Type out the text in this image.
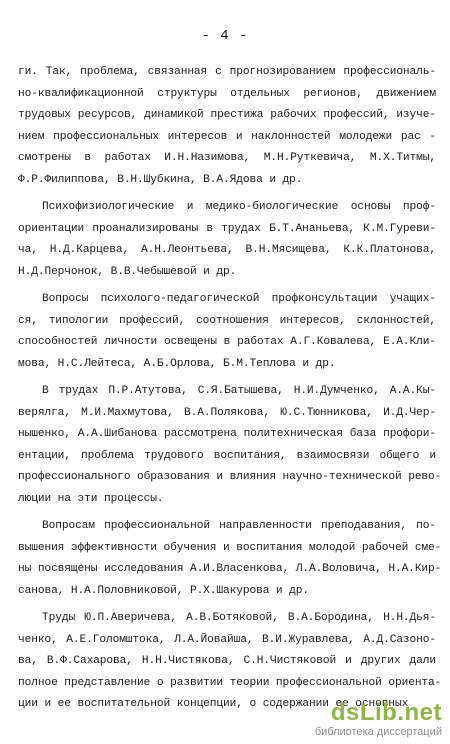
- 4 -
ги. Так, проблема, связанная с прогнозированием профессиональ-
но-квалификационной структуры отдельных регионов, движением
трудовых ресурсов, динамикой престижа рабочих профессий, изуче-
нием профессиональных интересов и наклонностей молодежи рас -
смотрены в работах И.Н.Назимова, М.Н.Руткевича, М.Х.Титмы,
Ф.Р.Филиппова, В.Н.Шубкина, В.А.Ядова и др.
Психофизиологические и медико-биологические основы проф-
ориентации проанализированы в трудах Б.Т.Ананьева, К.М.Гуреви-
ча, Н.Д.Карцева, А.Н.Леонтьева, В.Н.Мясищева, К.К.Платонова,
Н.Д.Перчонок, В.В.Чебышевой и др.
Вопросы психолого-педагогической профконсультации учащих-
ся, типологии профессий, соотношения интересов, склонностей,
способностей личности освещены в работах А.Г.Ковалева, Е.А.Кли-
мова, Н.С.Лейтеса, А.Б.Орлова, Б.М.Теплова и др.
В трудах П.Р.Атутова, С.Я.Батышева, Н.И.Думченко, А.А.Кы-
верялга, М.И.Махмутова, В.А.Полякова, Ю.С.Тюнникова, И.Д.Чер-
нышенко, А.А.Шибанова рассмотрена политехническая база профори-
ентации, проблема трудового воспитания, взаимосвязи общего и
профессионального образования и влияния научно-технической рево-
люции на эти процессы.
Вопросам профессиональной направленности преподавания, по-
вышения эффективности обучения и воспитания молодой рабочей сме-
ны посвящены исследования А.И.Власенкова, Л.А.Воловича, Н.А.Кир-
санова, Н.А.Половниковой, Р.Х.Шакурова и др.
Труды Ю.П.Аверичева, А.В.Ботяковой, В.А.Бородина, Н.Н.Дья-
ченко, А.Е.Голомштока, Л.А.Йовайша, В.И.Журавлева, А.Д.Сазоно-
ва, В.Ф.Сахарова, Н.Н.Чистякова, С.Н.Чистяковой и других дали
полное представление о развитии теории профессиональной ориента-
ции и ее воспитательной концепции, о содержании ее основных
dsLib.net
библиотека диссертаций
